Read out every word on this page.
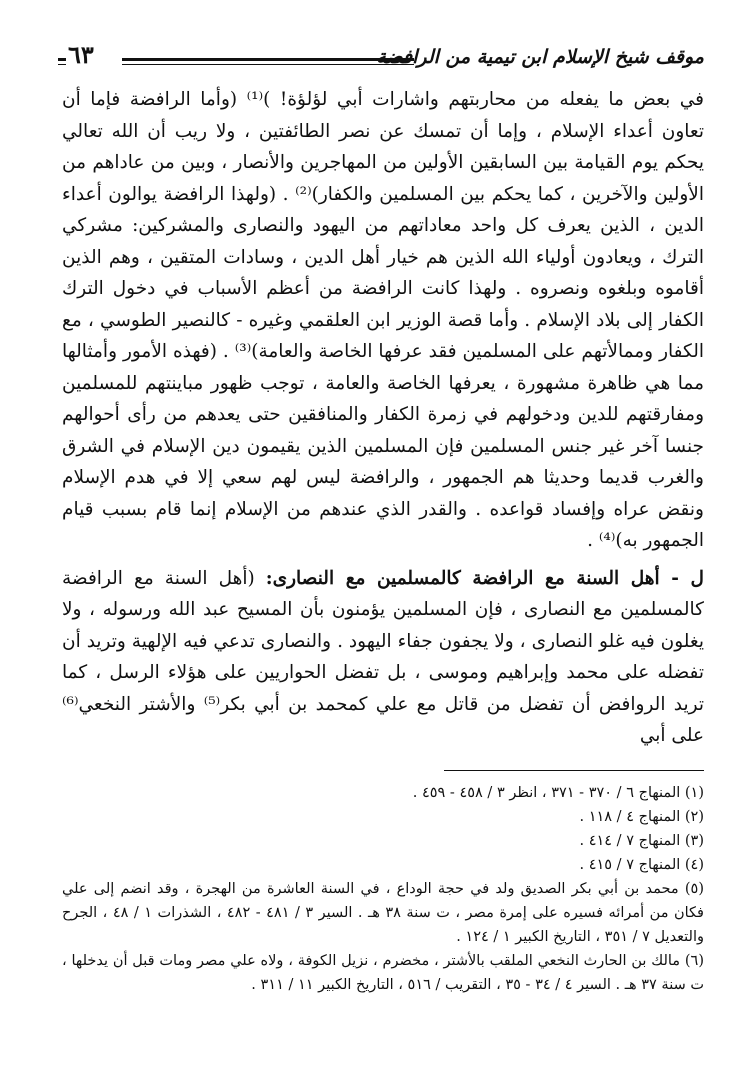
موقف شيخ الإسلام ابن تيمية من الرافضة
٦٣

في بعض ما يفعله من محاربتهم واشارات أبي لؤلؤة! )⁽¹⁾ (وأما الرافضة فإما أن تعاون أعداء الإسلام ، وإما أن تمسك عن نصر الطائفتين ، ولا ريب أن الله تعالي يحكم يوم القيامة بين السابقين الأولين من المهاجرين والأنصار ، وبين من عاداهم من الأولين والآخرين ، كما يحكم بين المسلمين والكفار)⁽²⁾ . (ولهذا الرافضة يوالون أعداء الدين ، الذين يعرف كل واحد معاداتهم من اليهود والنصارى والمشركين: مشركي الترك ، ويعادون أولياء الله الذين هم خيار أهل الدين ، وسادات المتقين ، وهم الذين أقاموه وبلغوه ونصروه . ولهذا كانت الرافضة من أعظم الأسباب في دخول الترك الكفار إلى بلاد الإسلام . وأما قصة الوزير ابن العلقمي وغيره - كالنصير الطوسي ، مع الكفار وممالأتهم على المسلمين فقد عرفها الخاصة والعامة)⁽³⁾ . (فهذه الأمور وأمثالها مما هي ظاهرة مشهورة ، يعرفها الخاصة والعامة ، توجب ظهور مباينتهم للمسلمين ومفارقتهم للدين ودخولهم في زمرة الكفار والمنافقين حتى يعدهم من رأى أحوالهم جنسا آخر غير جنس المسلمين فإن المسلمين الذين يقيمون دين الإسلام في الشرق والغرب قديما وحديثا هم الجمهور ، والرافضة ليس لهم سعي إلا في هدم الإسلام ونقض عراه وإفساد قواعده . والقدر الذي عندهم من الإسلام إنما قام بسبب قيام الجمهور به)⁽⁴⁾ .

ل - أهل السنة مع الرافضة كالمسلمين مع النصارى: (أهل السنة مع الرافضة كالمسلمين مع النصارى ، فإن المسلمين يؤمنون بأن المسيح عبد الله ورسوله ، ولا يغلون فيه غلو النصارى ، ولا يجفون جفاء اليهود . والنصارى تدعي فيه الإلهية وتريد أن تفضله على محمد وإبراهيم وموسى ، بل تفضل الحواريين على هؤلاء الرسل ، كما تريد الروافض أن تفضل من قاتل مع علي كمحمد بن أبي بكر⁽⁵⁾ والأشتر النخعي⁽⁶⁾ على أبي

(١) المنهاج ٦ / ٣٧٠ - ٣٧١ ، انظر ٣ / ٤٥٨ - ٤٥٩ .

(٢) المنهاج ٤ / ١١٨ .

(٣) المنهاج ٧ / ٤١٤ .

(٤) المنهاج ٧ / ٤١٥ .

(٥) محمد بن أبي بكر الصديق ولد في حجة الوداع ، في السنة العاشرة من الهجرة ، وقد انضم إلى علي فكان من أمرائه فسيره على إمرة مصر ، ت سنة ٣٨ هـ . السير ٣ / ٤٨١ - ٤٨٢ ، الشذرات ١ / ٤٨ ، الجرح والتعديل ٧ / ٣٥١ ، التاريخ الكبير ١ / ١٢٤ .

(٦) مالك بن الحارث النخعي الملقب بالأشتر ، مخضرم ، نزيل الكوفة ، ولاه علي مصر ومات قبل أن يدخلها ، ت سنة ٣٧ هـ . السير ٤ / ٣٤ - ٣٥ ، التقريب / ٥١٦ ، التاريخ الكبير ١١ / ٣١١ .
